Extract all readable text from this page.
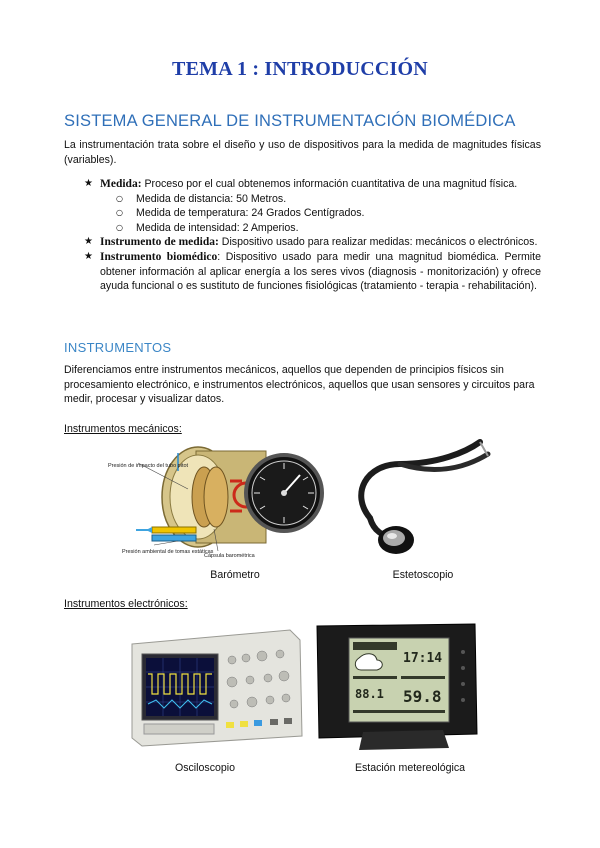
TEMA 1 : INTRODUCCIÓN
SISTEMA GENERAL DE INSTRUMENTACIÓN BIOMÉDICA
La instrumentación trata sobre el diseño y uso de dispositivos para la medida de magnitudes físicas (variables).
★ Medida: Proceso por el cual obtenemos información cuantitativa de una magnitud física.
○ Medida de distancia: 50 Metros.
○ Medida de temperatura: 24 Grados Centígrados.
○ Medida de intensidad: 2 Amperios.
★ Instrumento de medida: Dispositivo usado para realizar medidas: mecánicos o electrónicos.
★ Instrumento biomédico: Dispositivo usado para medir una magnitud biomédica. Permite obtener información al aplicar energía a los seres vivos (diagnosis - monitorización) y ofrece ayuda funcional o es sustituto de funciones fisiológicas (tratamiento - terapia - rehabilitación).
INSTRUMENTOS
Diferenciamos entre instrumentos mecánicos, aquellos que dependen de principios físicos sin procesamiento electrónico, e instrumentos electrónicos, aquellos que usan sensores y circuitos para medir, procesar y visualizar datos.
Instrumentos mecánicos:
Presión de impacto del tubo pitot
Presión ambiental de tomas estáticas
Cápsula barométrica
Barómetro	Estetoscopio
Instrumentos electrónicos:
Osciloscopio
17:14
88.1 59.8
Estación metereológica
